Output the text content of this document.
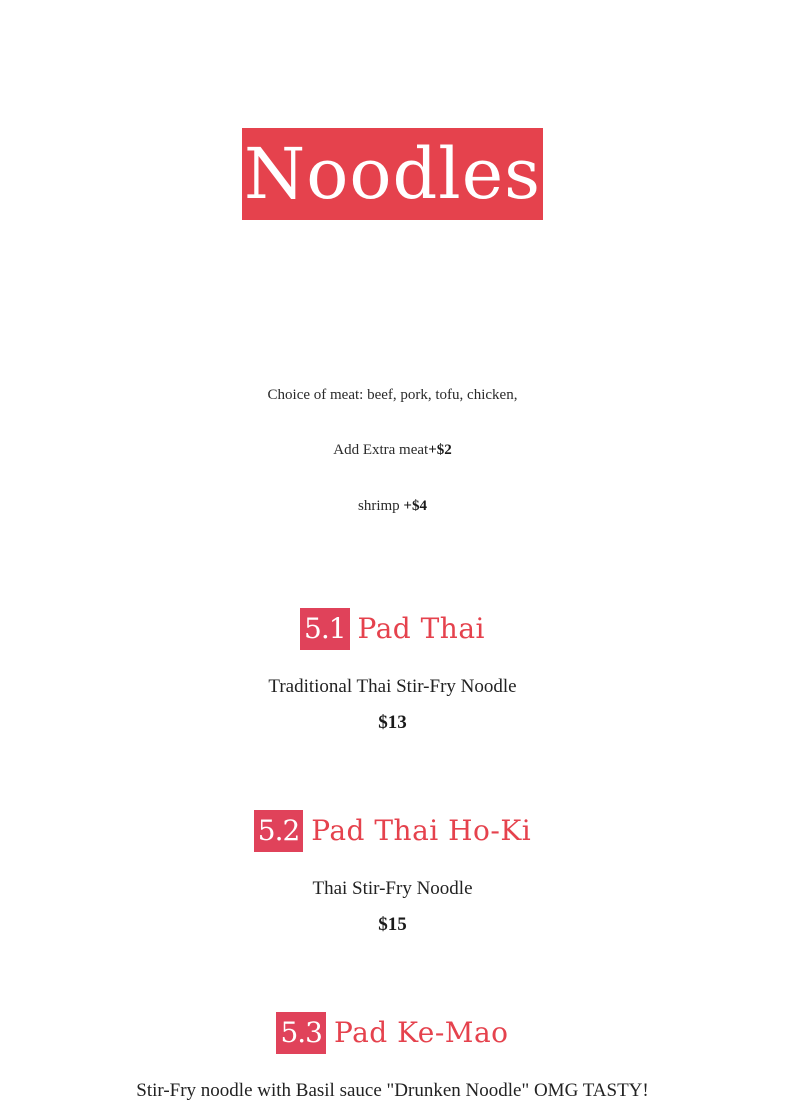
Noodles
Choice of meat: beef, pork, tofu, chicken,
Add Extra meat+$2
shrimp +$4
5.1 Pad Thai
Traditional Thai Stir-Fry Noodle
$13
5.2 Pad Thai Ho-Ki
Thai Stir-Fry Noodle
$15
5.3 Pad Ke-Mao
Stir-Fry noodle with Basil sauce "Drunken Noodle" OMG TASTY!
